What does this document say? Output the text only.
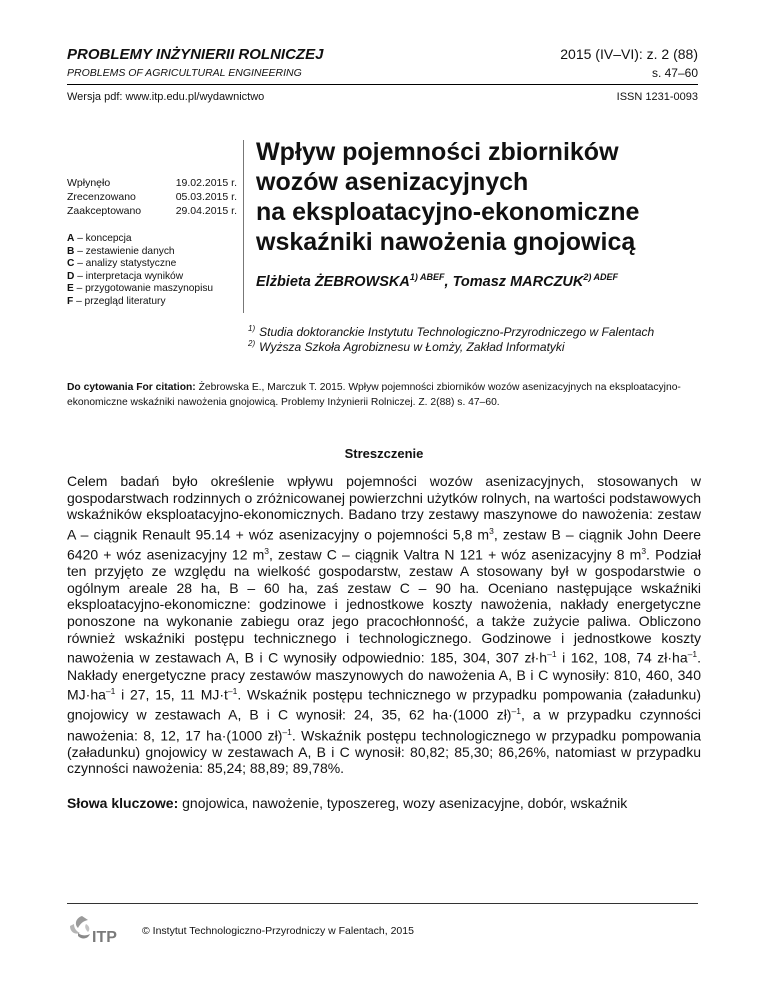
PROBLEMY INŻYNIERII ROLNICZEJ
PROBLEMS OF AGRICULTURAL ENGINEERING
2015 (IV–VI): z. 2 (88)
s. 47–60
Wersja pdf: www.itp.edu.pl/wydawnictwo	ISSN 1231-0093
Wpłynęło	19.02.2015 r.
Zrecenzowano	05.03.2015 r.
Zaakceptowano	29.04.2015 r.
A – koncepcja
B – zestawienie danych
C – analizy statystyczne
D – interpretacja wyników
E – przygotowanie maszynopisu
F – przegląd literatury
Wpływ pojemności zbiorników
wozów asenizacyjnych
na eksploatacyjno-ekonomiczne
wskaźniki nawożenia gnojowicą
Elżbieta $ŻEBROWSKA^{1) ABEF}$, Tomasz $MARCZUK^{2) ADEF}$
$^{1)}$ Studia doktoranckie Instytutu Technologiczno-Przyrodniczego w Falentach
$^{2)}$ Wyższa Szkoła Agrobiznesu w Łomży, Zakład Informatyki
Do cytowania For citation: Żebrowska E., Marczuk T. 2015. Wpływ pojemności zbiorników wozów asenizacyjnych na eksploatacyjno-ekonomiczne wskaźniki nawożenia gnojowicą. Problemy Inżynierii Rolniczej. Z. 2(88) s. 47–60.
Streszczenie
Celem badań było określenie wpływu pojemności wozów asenizacyjnych, stosowanych w gospodarstwach rodzinnych o zróżnicowanej powierzchni użytków rolnych, na wartości podstawowych wskaźników eksploatacyjno-ekonomicznych. Badano trzy zestawy maszynowe do nawożenia: zestaw A – ciągnik Renault 95.14 + wóz asenizacyjny o pojemności 5,8 $m^3$, zestaw B – ciągnik John Deere 6420 + wóz asenizacyjny 12 $m^3$, zestaw C – ciągnik Valtra N 121 + wóz asenizacyjny 8 $m^3$. Podział ten przyjęto ze względu na wielkość gospodarstw, zestaw A stosowany był w gospodarstwie o ogólnym areale 28 ha, B – 60 ha, zaś zestaw C – 90 ha. Oceniano następujące wskaźniki eksploatacyjno-ekonomiczne: godzinowe i jednostkowe koszty nawożenia, nakłady energetyczne ponoszone na wykonanie zabiegu oraz jego pracochłonność, a także zużycie paliwa. Obliczono również wskaźniki postępu technicznego i technologicznego. Godzinowe i jednostkowe koszty nawożenia w zestawach A, B i C wynosiły odpowiednio: 185, 304, 307 $zł\cdot h^{-1}$ i 162, 108, 74 $zł\cdot ha^{-1}$. Nakłady energetyczne pracy zestawów maszynowych do nawożenia A, B i C wynosiły: 810, 460, 340 $MJ\cdot ha^{-1}$ i 27, 15, 11 $MJ\cdot t^{-1}$. Wskaźnik postępu technicznego w przypadku pompowania (załadunku) gnojowicy w zestawach A, B i C wynosił: 24, 35, 62 ha·(1000 zł)$^{-1}$, a w przypadku czynności nawożenia: 8, 12, 17 ha·(1000 zł)$^{-1}$. Wskaźnik postępu technologicznego w przypadku pompowania (załadunku) gnojowicy w zestawach A, B i C wynosił: 80,82; 85,30; 86,26%, natomiast w przypadku czynności nawożenia: 85,24; 88,89; 89,78%.
Słowa kluczowe: gnojowica, nawożenie, typoszereg, wozy asenizacyjne, dobór, wskaźnik
ITP © Instytut Technologiczno-Przyrodniczy w Falentach, 2015
